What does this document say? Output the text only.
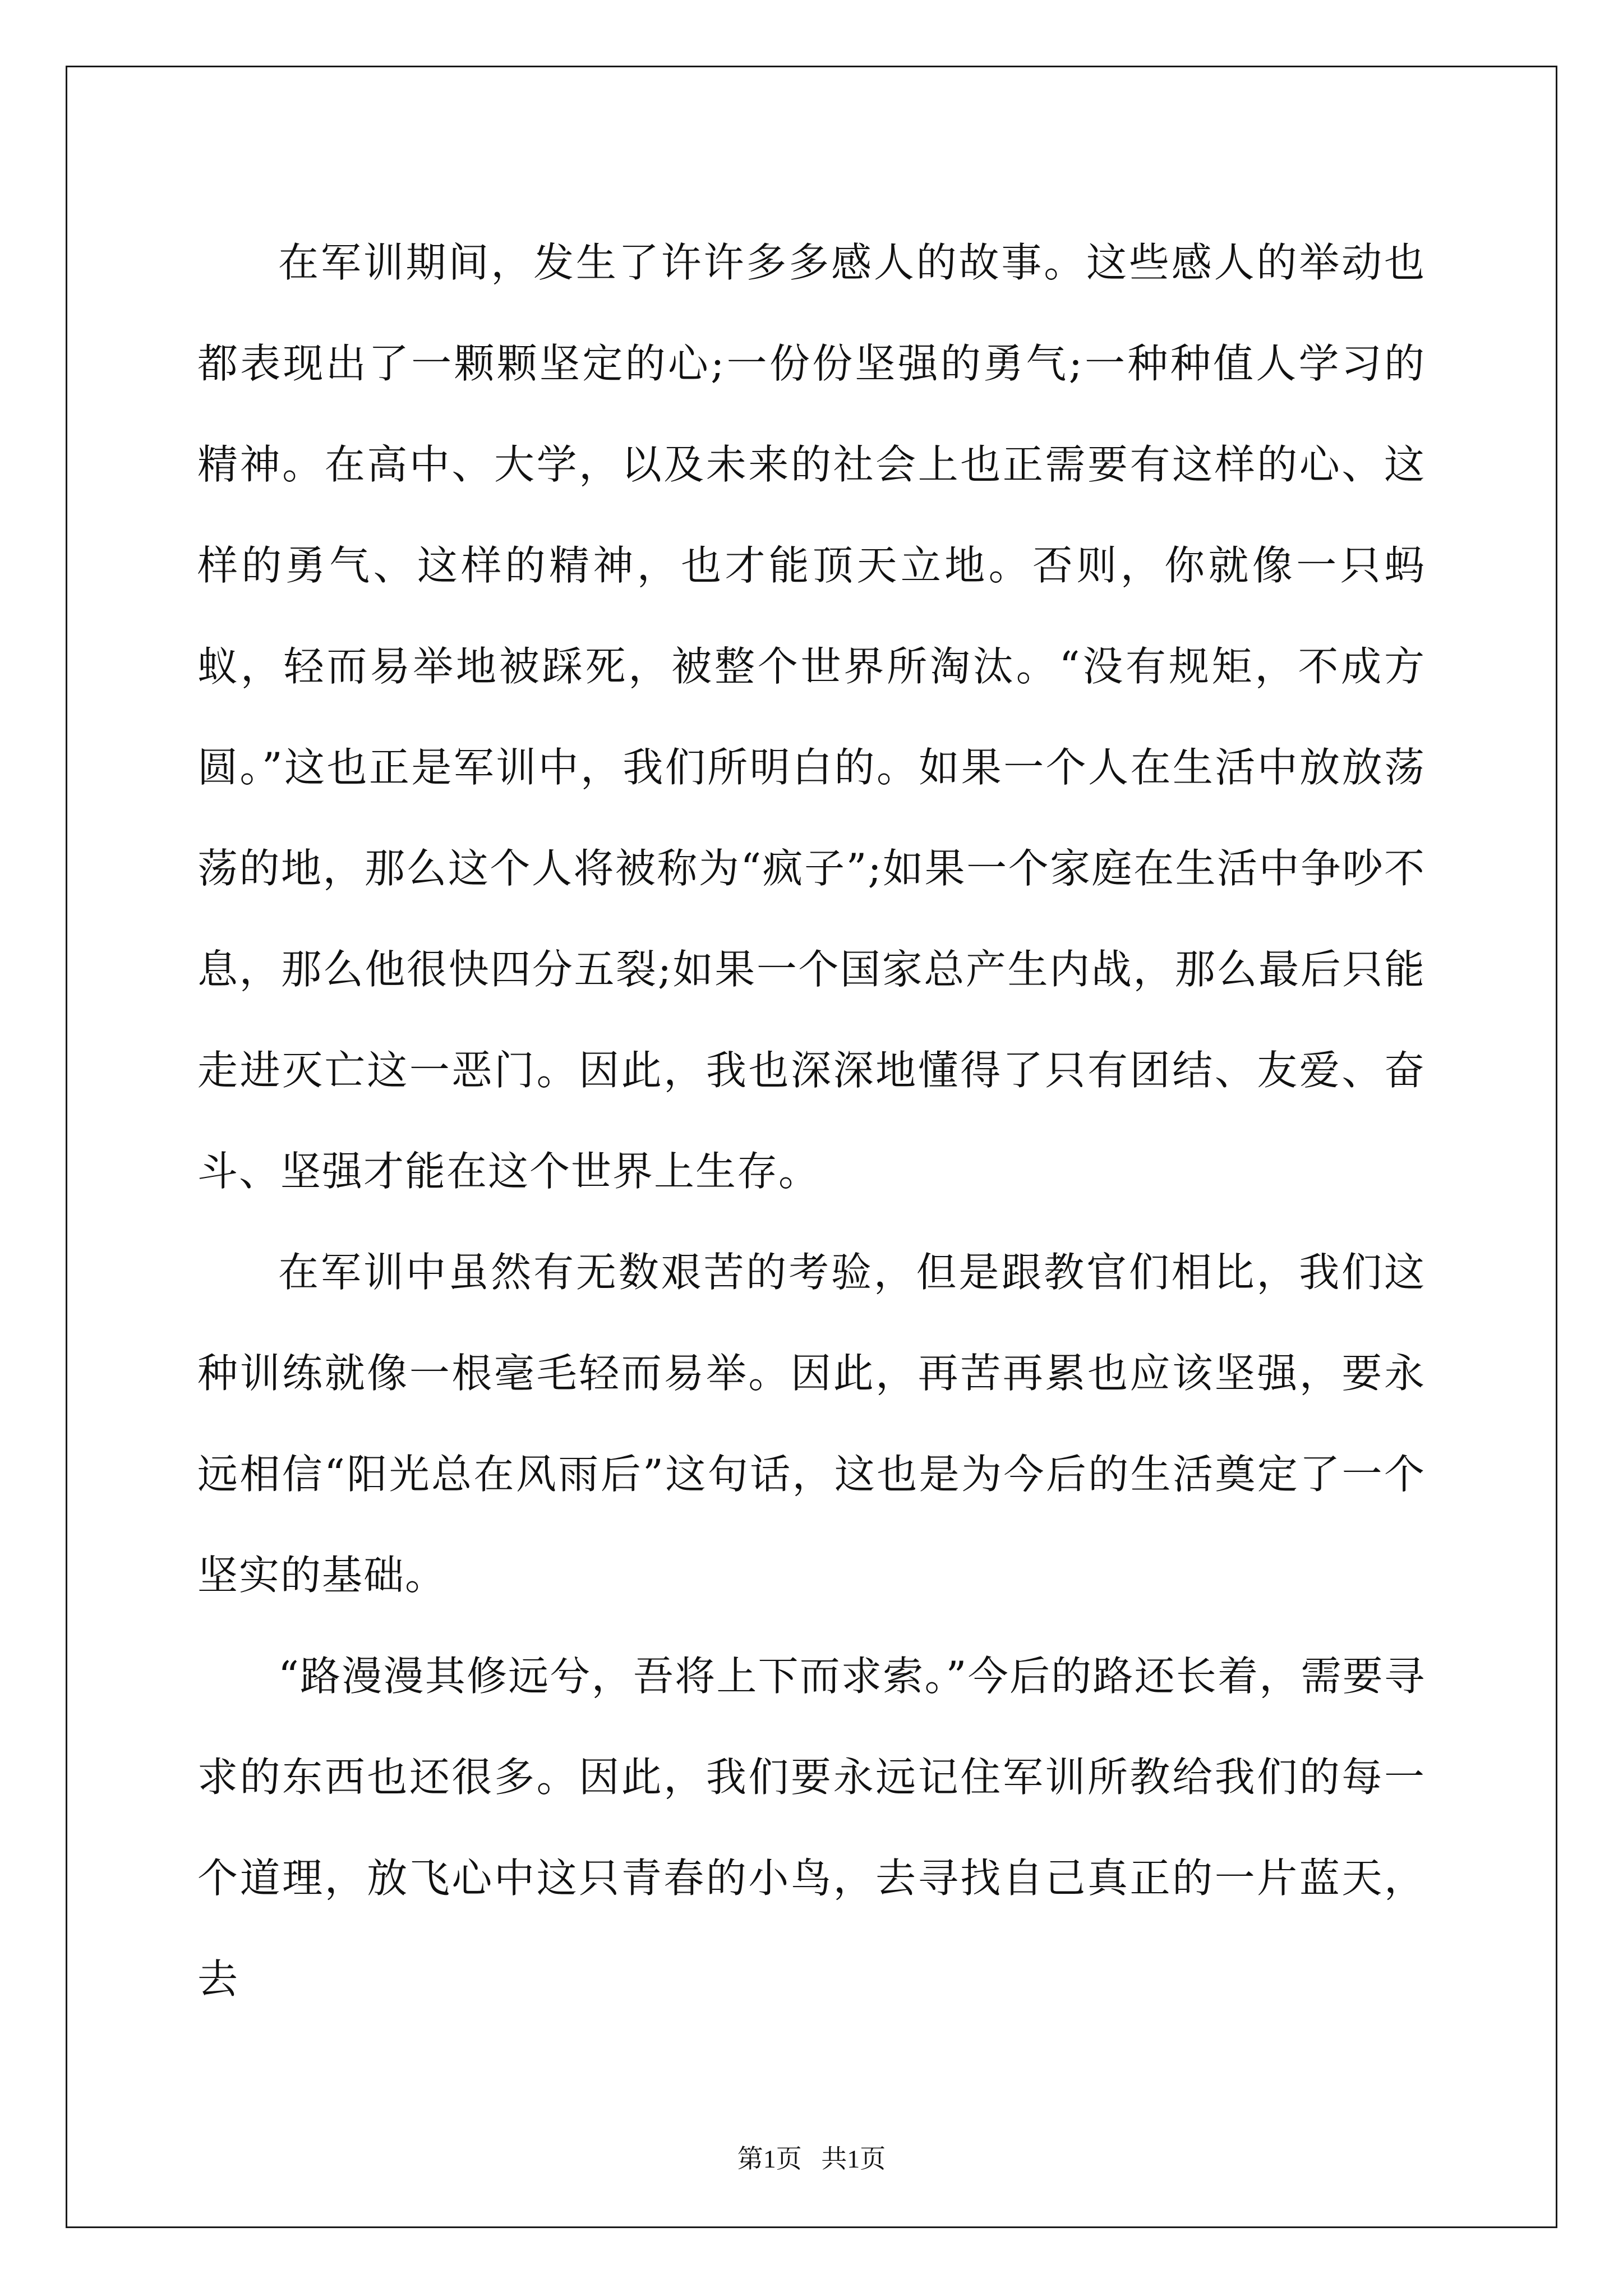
在军训期间，发生了许许多多感人的故事。这些感人的举动也都表现出了一颗颗坚定的心;一份份坚强的勇气;一种种值人学习的精神。在高中、大学，以及未来的社会上也正需要有这样的心、这样的勇气、这样的精神，也才能顶天立地。否则，你就像一只蚂蚁，轻而易举地被踩死，被整个世界所淘汰。“没有规矩，不成方圆。”这也正是军训中，我们所明白的。如果一个人在生活中放放荡荡的地，那么这个人将被称为“疯子”;如果一个家庭在生活中争吵不息，那么他很快四分五裂;如果一个国家总产生内战，那么最后只能走进灭亡这一恶门。因此，我也深深地懂得了只有团结、友爱、奋斗、坚强才能在这个世界上生存。

在军训中虽然有无数艰苦的考验，但是跟教官们相比，我们这种训练就像一根毫毛轻而易举。因此，再苦再累也应该坚强，要永远相信“阳光总在风雨后”这句话，这也是为今后的生活奠定了一个坚实的基础。

“路漫漫其修远兮，吾将上下而求索。”今后的路还长着，需要寻求的东西也还很多。因此，我们要永远记住军训所教给我们的每一个道理，放飞心中这只青春的小鸟，去寻找自己真正的一片蓝天，去

第1页   共1页
